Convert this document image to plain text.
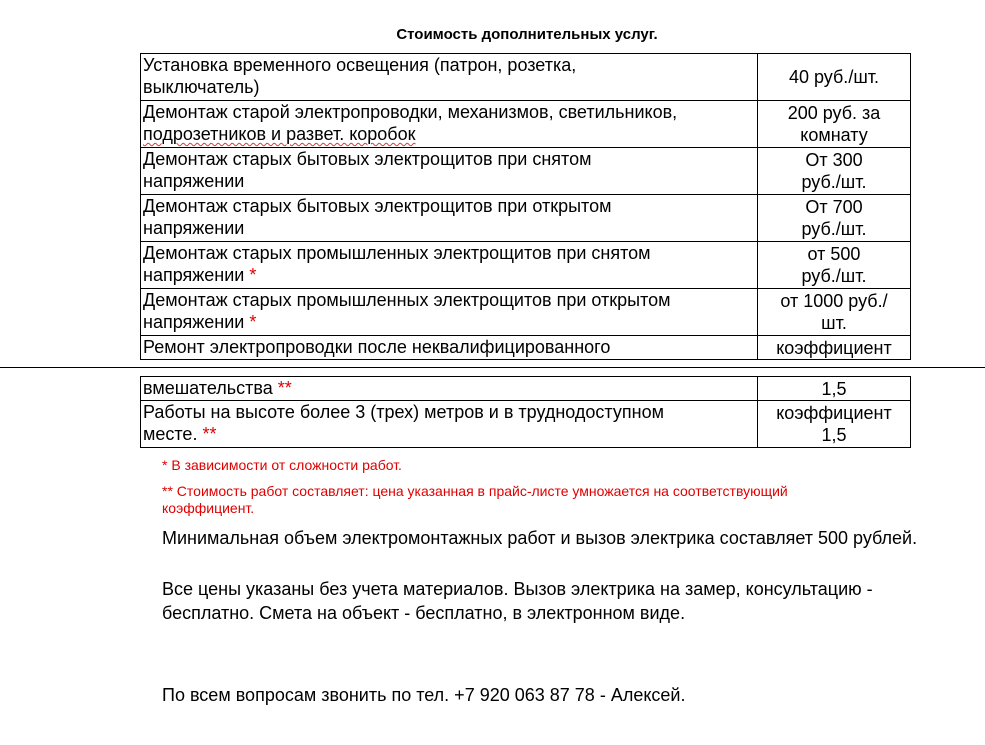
Стоимость дополнительных услуг.
Установка временного освещения (патрон, розетка,
выключатель)	40 руб./шт.
Демонтаж старой электропроводки, механизмов, светильников,
подрозетников и развет. коробок	200 руб. за
комнату
Демонтаж старых бытовых электрощитов при снятом
напряжении	От 300
руб./шт.
Демонтаж старых бытовых электрощитов при открытом
напряжении	От 700
руб./шт.
Демонтаж старых промышленных электрощитов при снятом
напряжении *	от 500
руб./шт.
Демонтаж старых промышленных электрощитов при открытом
напряжении *	от 1000 руб./
шт.
Ремонт электропроводки после неквалифицированного	коэффициент
вмешательства **	1,5
Работы на высоте более 3 (трех) метров и в труднодоступном
месте. **	коэффициент
1,5
* В зависимости от сложности работ.
** Стоимость работ составляет: цена указанная в прайс-листе умножается на соответствующий коэффициент.
Минимальная объем электромонтажных работ и вызов электрика составляет 500 рублей.
Все цены указаны без учета материалов. Вызов электрика на замер, консультацию - бесплатно. Смета на объект - бесплатно, в электронном виде.
По всем вопросам звонить по тел. +7 920 063 87 78 - Алексей.
